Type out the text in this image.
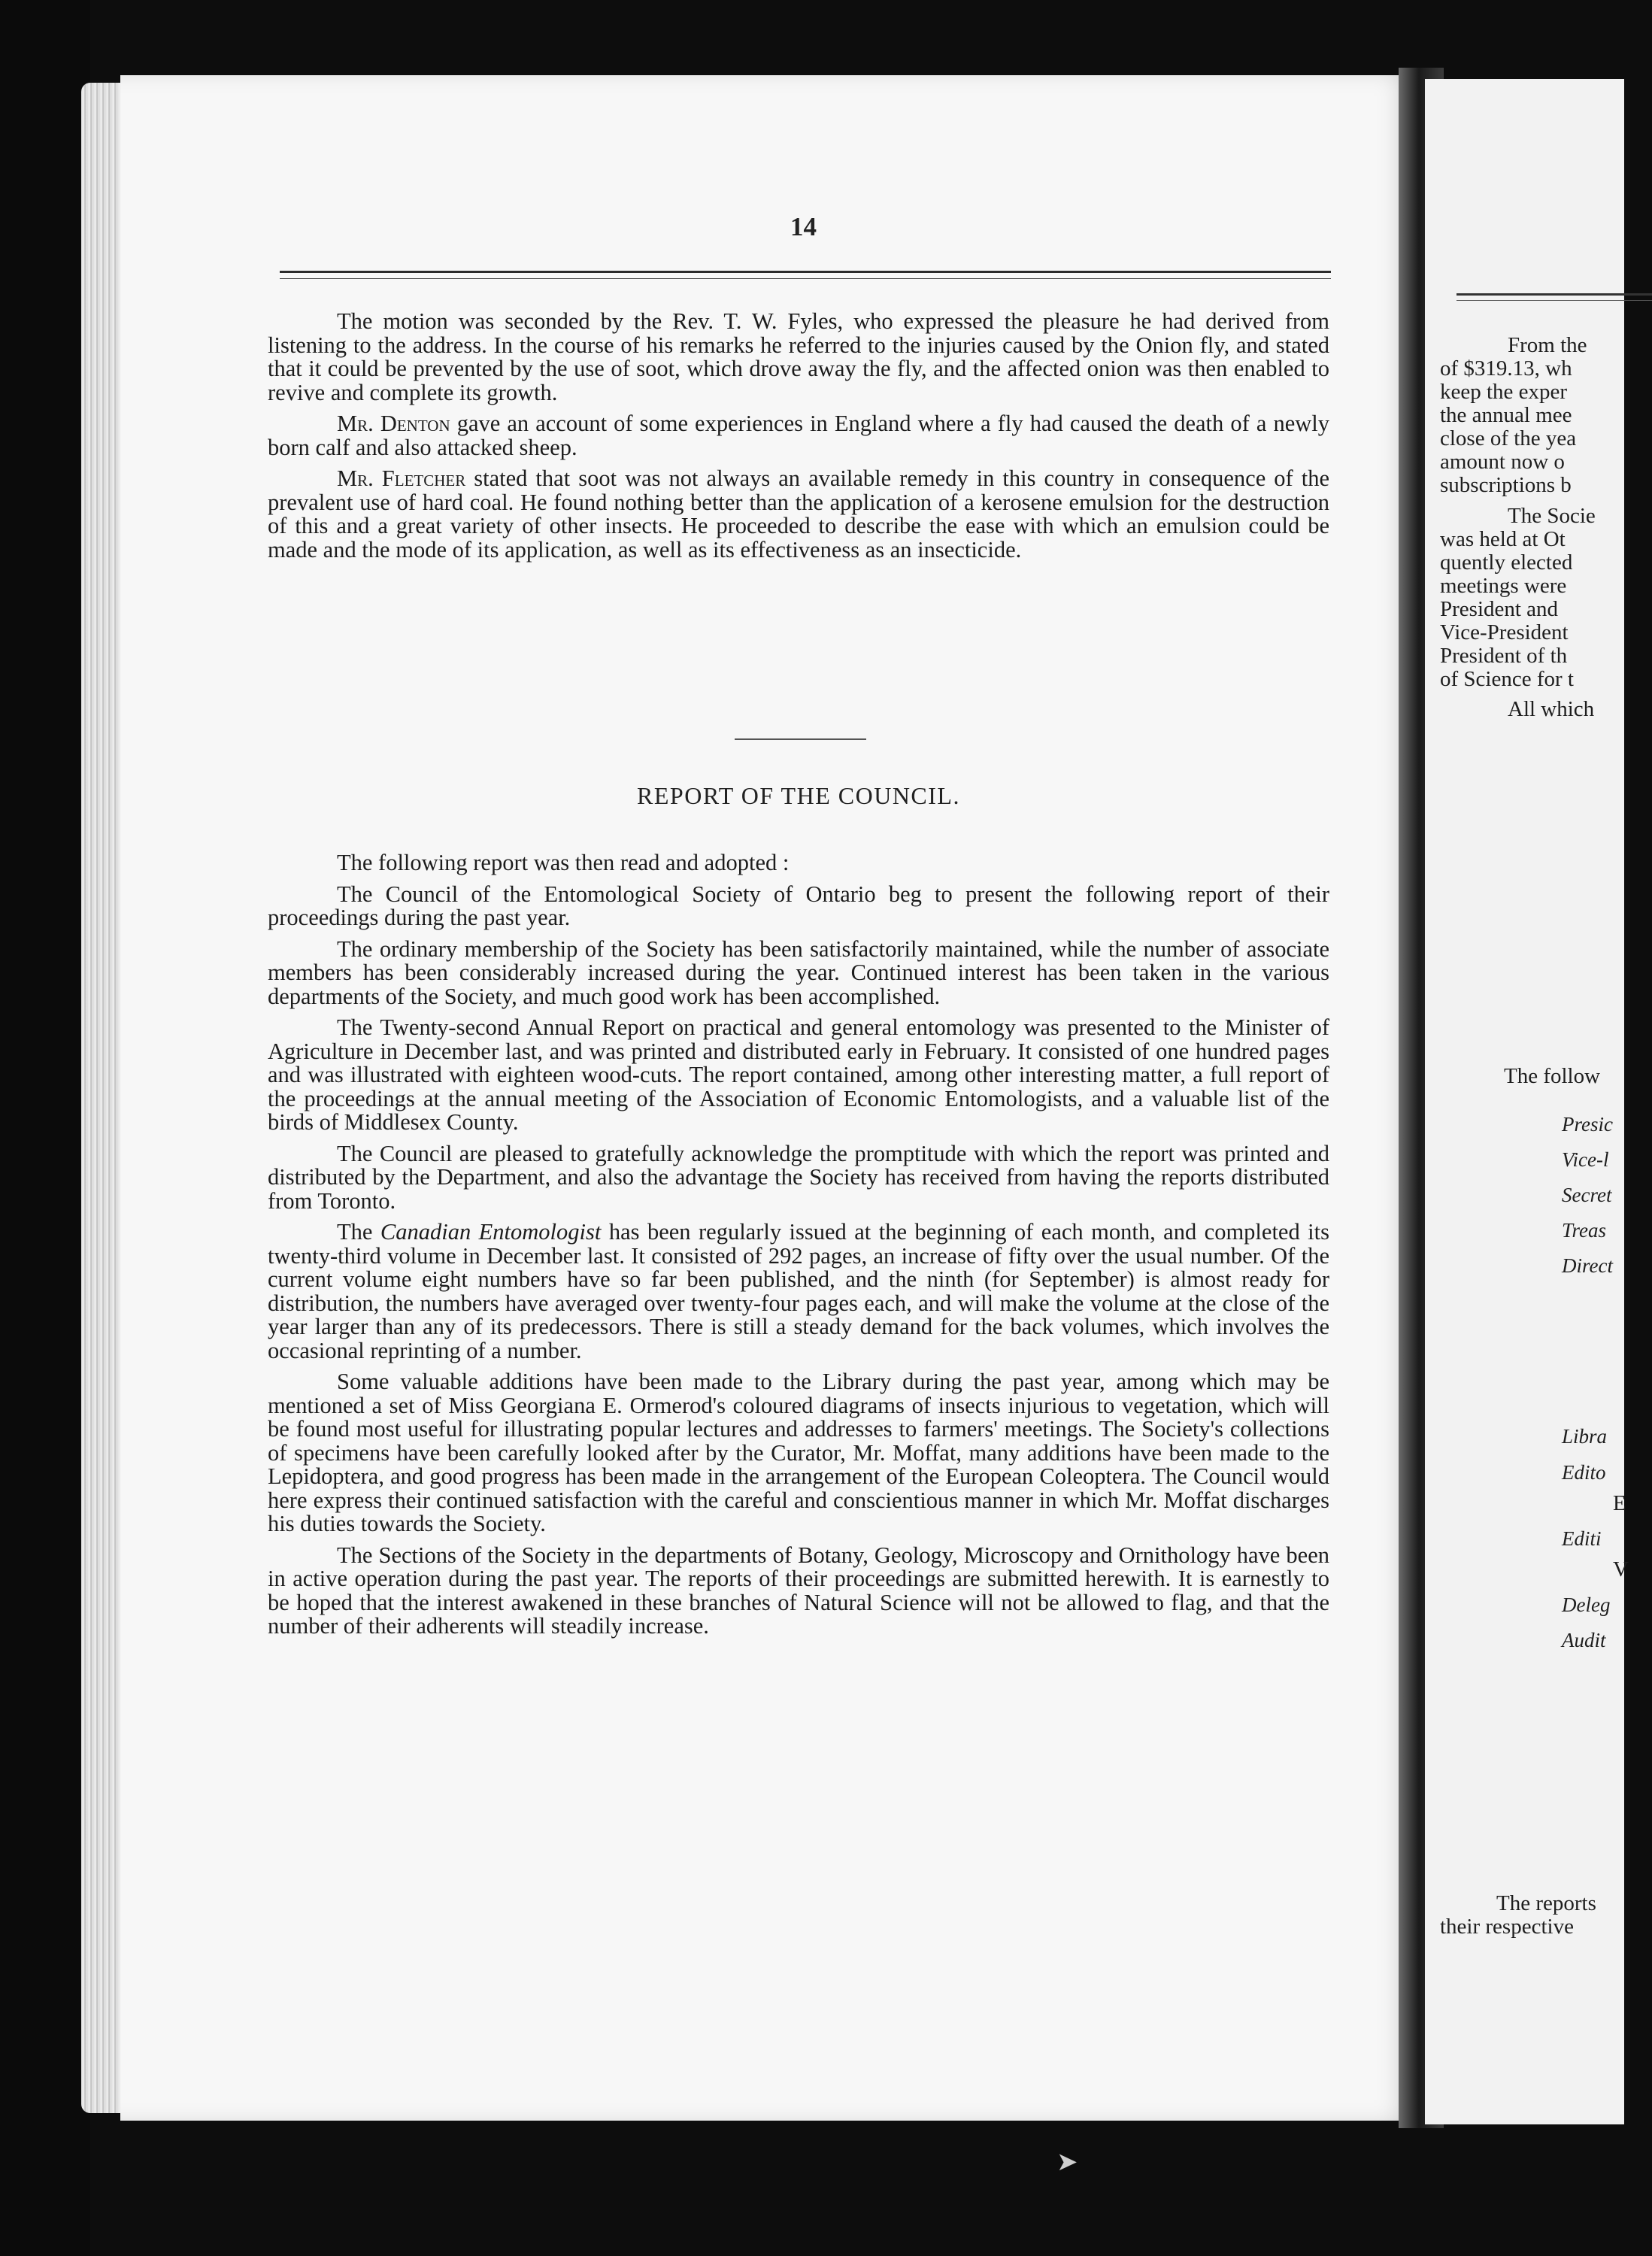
14

The motion was seconded by the Rev. T. W. Fyles, who expressed the pleasure he had derived from listening to the address. In the course of his remarks he referred to the injuries caused by the Onion fly, and stated that it could be prevented by the use of soot, which drove away the fly, and the affected onion was then enabled to revive and complete its growth.

Mr. Denton gave an account of some experiences in England where a fly had caused the death of a newly born calf and also attacked sheep.

Mr. Fletcher stated that soot was not always an available remedy in this country in consequence of the prevalent use of hard coal. He found nothing better than the application of a kerosene emulsion for the destruction of this and a great variety of other insects. He proceeded to describe the ease with which an emulsion could be made and the mode of its application, as well as its effectiveness as an insecticide.

REPORT OF THE COUNCIL.

The following report was then read and adopted :

The Council of the Entomological Society of Ontario beg to present the following report of their proceedings during the past year.

The ordinary membership of the Society has been satisfactorily maintained, while the number of associate members has been considerably increased during the year. Continued interest has been taken in the various departments of the Society, and much good work has been accomplished.

The Twenty-second Annual Report on practical and general entomology was presented to the Minister of Agriculture in December last, and was printed and distributed early in February. It consisted of one hundred pages and was illustrated with eighteen wood-cuts. The report contained, among other interesting matter, a full report of the proceedings at the annual meeting of the Association of Economic Entomologists, and a valuable list of the birds of Middlesex County.

The Council are pleased to gratefully acknowledge the promptitude with which the report was printed and distributed by the Department, and also the advantage the Society has received from having the reports distributed from Toronto.

The Canadian Entomologist has been regularly issued at the beginning of each month, and completed its twenty-third volume in December last. It consisted of 292 pages, an increase of fifty over the usual number. Of the current volume eight numbers have so far been published, and the ninth (for September) is almost ready for distribution, the numbers have averaged over twenty-four pages each, and will make the volume at the close of the year larger than any of its predecessors. There is still a steady demand for the back volumes, which involves the occasional reprinting of a number.

Some valuable additions have been made to the Library during the past year, among which may be mentioned a set of Miss Georgiana E. Ormerod's coloured diagrams of insects injurious to vegetation, which will be found most useful for illustrating popular lectures and addresses to farmers' meetings. The Society's collections of specimens have been carefully looked after by the Curator, Mr. Moffat, many additions have been made to the Lepidoptera, and good progress has been made in the arrangement of the European Coleoptera. The Council would here express their continued satisfaction with the careful and conscientious manner in which Mr. Moffat discharges his duties towards the Society.

The Sections of the Society in the departments of Botany, Geology, Microscopy and Ornithology have been in active operation during the past year. The reports of their proceedings are submitted herewith. It is earnestly to be hoped that the interest awakened in these branches of Natural Science will not be allowed to flag, and that the number of their adherents will steadily increase.

From the
of $319.13, wh
keep the exper
the annual mee
close of the yea
amount now o
subscriptions b
The Socie
was held at Ot
quently elected
meetings were
President and
Vice-President
President of th
of Science for t
All which
The follow
Presic
Vice-l
Secret
Treas
Direct
Libra
Edito
E
Editi
V
Deleg
Audit
The reports
their respective
➤
